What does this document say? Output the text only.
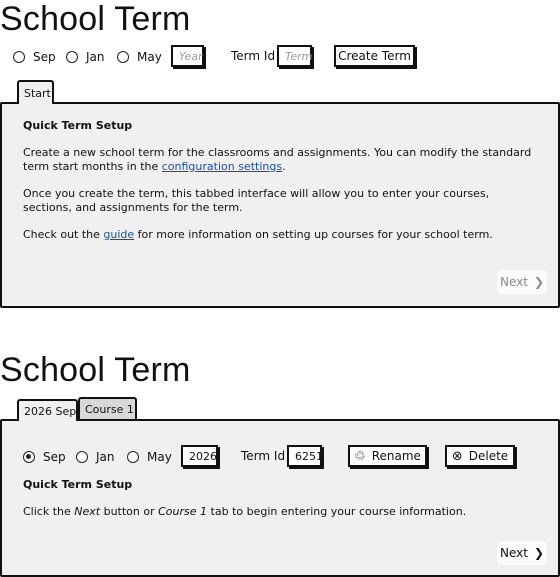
School Term
Sep	Jan	May	Year Term Id Term	Create Term
Start
Quick Term Setup
Create a new school term for the classrooms and assignments. You can modify the standard term start months in the configuration settings.
Once you create the term, this tabbed interface will allow you to enter your courses, sections, and assignments for the term.
Check out the guide for more information on setting up courses for your school term.
Next ❯
School Term
2026 Sep Course 1
Sep	Jan	May	2026 Term Id 6251 ♲ Rename ⊗ Delete
Quick Term Setup
Click the Next button or Course 1 tab to begin entering your course information.
Next ❯
